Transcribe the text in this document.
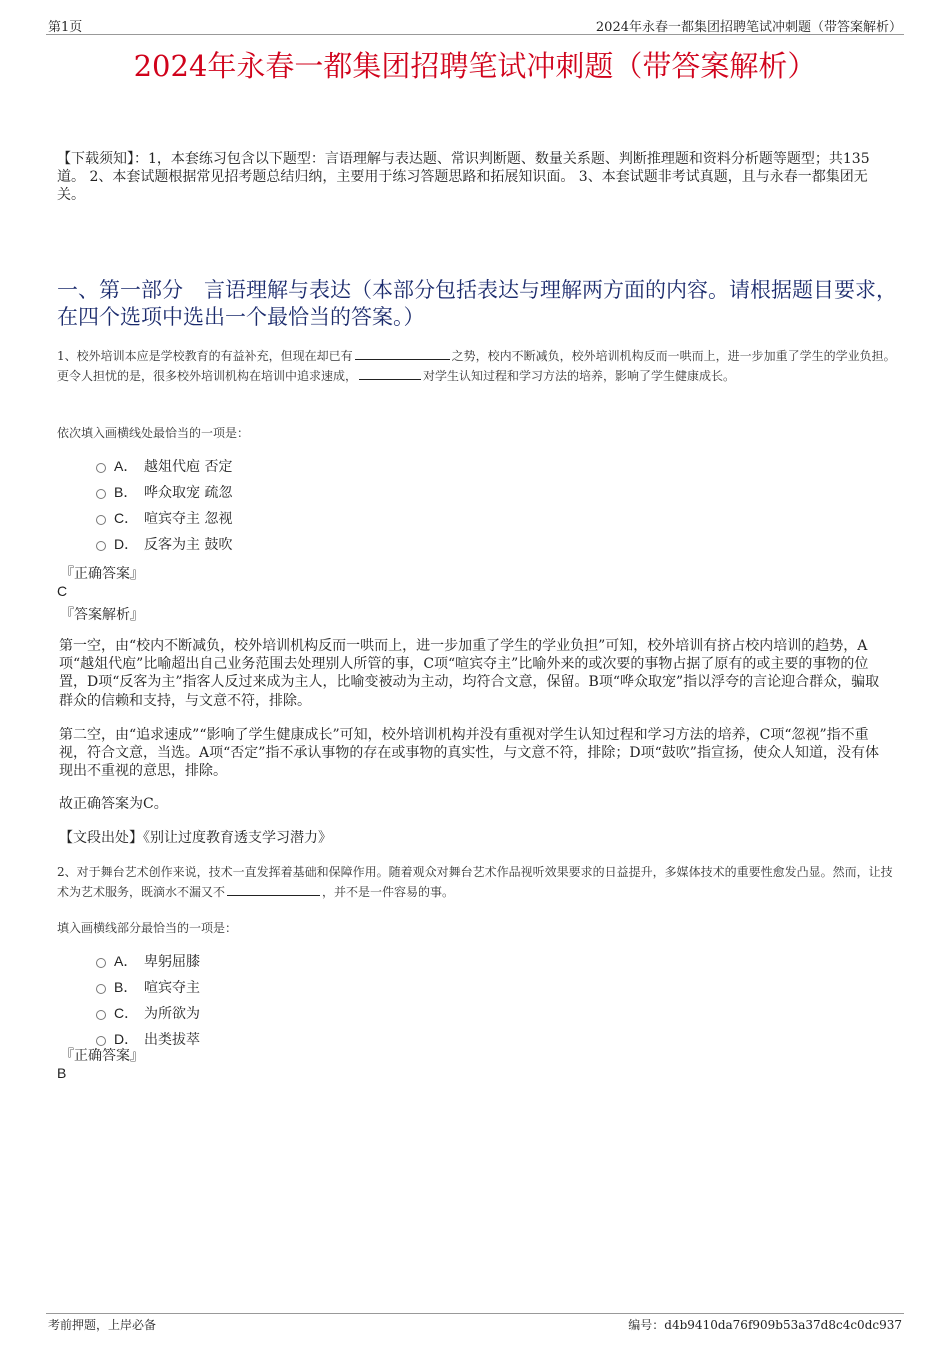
第1页	2024年永春一都集团招聘笔试冲刺题（带答案解析）
2024年永春一都集团招聘笔试冲刺题（带答案解析）
【下载须知】：1，本套练习包含以下题型：言语理解与表达题、常识判断题、数量关系题、判断推理题和资料分析题等题型；共135道。 2、本套试题根据常见招考题总结归纳，主要用于练习答题思路和拓展知识面。 3、本套试题非考试真题，且与永春一都集团无关。
一、第一部分　言语理解与表达（本部分包括表达与理解两方面的内容。请根据题目要求，在四个选项中选出一个最恰当的答案。）
1、校外培训本应是学校教育的有益补充，但现在却已有	之势，校内不断减负，校外培训机构反而一哄而上，进一步加重了学生的学业负担。更令人担忧的是，很多校外培训机构在培训中追求速成，	对学生认知过程和学习方法的培养，影响了学生健康成长。
依次填入画横线处最恰当的一项是：
A． 越俎代庖 否定
B． 哗众取宠 疏忽
C． 喧宾夺主 忽视
D． 反客为主 鼓吹
『正确答案』
C
『答案解析』
第一空，由“校内不断减负，校外培训机构反而一哄而上，进一步加重了学生的学业负担”可知，校外培训有挤占校内培训的趋势，A项“越俎代庖”比喻超出自己业务范围去处理别人所管的事，C项“喧宾夺主”比喻外来的或次要的事物占据了原有的或主要的事物的位置，D项“反客为主”指客人反过来成为主人，比喻变被动为主动，均符合文意，保留。B项“哗众取宠”指以浮夸的言论迎合群众，骗取群众的信赖和支持，与文意不符，排除。
第二空，由“追求速成”“影响了学生健康成长”可知，校外培训机构并没有重视对学生认知过程和学习方法的培养，C项“忽视”指不重视，符合文意，当选。A项“否定”指不承认事物的存在或事物的真实性，与文意不符，排除；D项“鼓吹”指宣扬，使众人知道，没有体现出不重视的意思，排除。
故正确答案为C。
【文段出处】《别让过度教育透支学习潜力》
2、对于舞台艺术创作来说，技术一直发挥着基础和保障作用。随着观众对舞台艺术作品视听效果要求的日益提升，多媒体技术的重要性愈发凸显。然而，让技术为艺术服务，既滴水不漏又不	，并不是一件容易的事。
填入画横线部分最恰当的一项是：
A． 卑躬屈膝
B． 喧宾夺主
C． 为所欲为
D． 出类拔萃
『正确答案』
B
考前押题，上岸必备	编号：d4b9410da76f909b53a37d8c4c0dc937
